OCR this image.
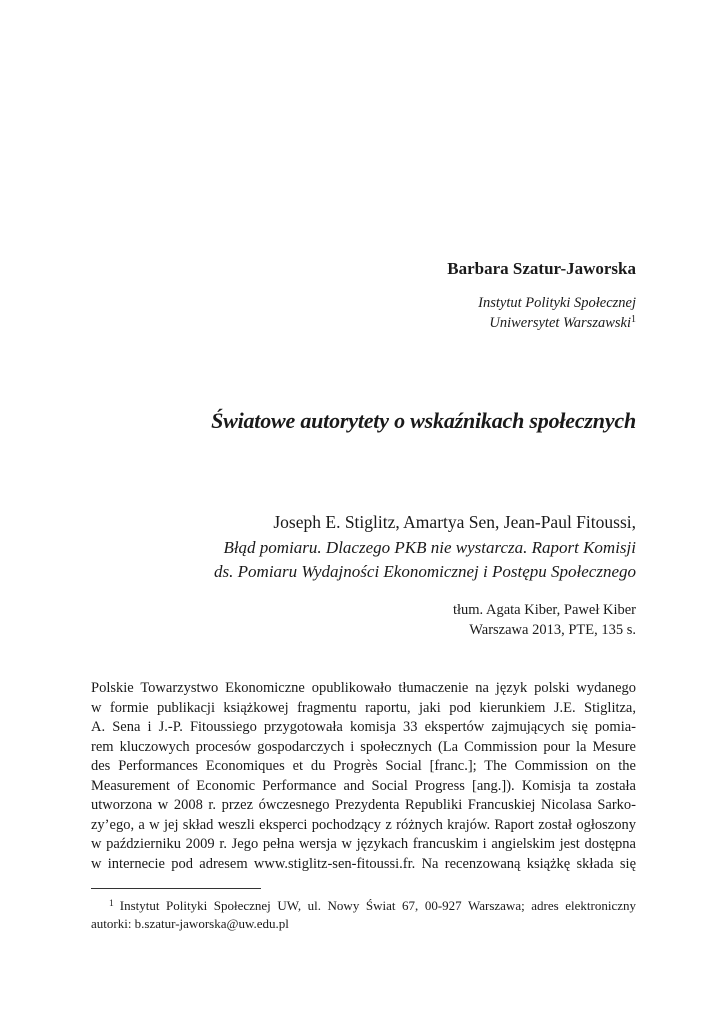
Barbara Szatur-Jaworska
Instytut Polityki Społecznej
Uniwersytet Warszawski$^1$
Światowe autorytety o wskaźnikach społecznych
Joseph E. Stiglitz, Amartya Sen, Jean-Paul Fitoussi,
Błąd pomiaru. Dlaczego PKB nie wystarcza. Raport Komisji
ds. Pomiaru Wydajności Ekonomicznej i Postępu Społecznego
tłum. Agata Kiber, Paweł Kiber
Warszawa 2013, PTE, 135 s.
Polskie Towarzystwo Ekonomiczne opublikowało tłumaczenie na język polski wydanego
w formie publikacji książkowej fragmentu raportu, jaki pod kierunkiem J.E. Stiglitza,
A. Sena i J.-P. Fitoussiego przygotowała komisja 33 ekspertów zajmujących się pomia-
rem kluczowych procesów gospodarczych i społecznych (La Commission pour la Mesure
des Performances Economiques et du Progrès Social [franc.]; The Commission on the
Measurement of Economic Performance and Social Progress [ang.]). Komisja ta została
utworzona w 2008 r. przez ówczesnego Prezydenta Republiki Francuskiej Nicolasa Sarko-
zy’ego, a w jej skład weszli eksperci pochodzący z różnych krajów. Raport został ogłoszony
w październiku 2009 r. Jego pełna wersja w językach francuskim i angielskim jest dostępna
w internecie pod adresem www.stiglitz-sen-fitoussi.fr. Na recenzowaną książkę składa się
$^1$ Instytut Polityki Społecznej UW, ul. Nowy Świat 67, 00-927 Warszawa; adres elektroniczny
autorki: b.szatur-jaworska@uw.edu.pl
